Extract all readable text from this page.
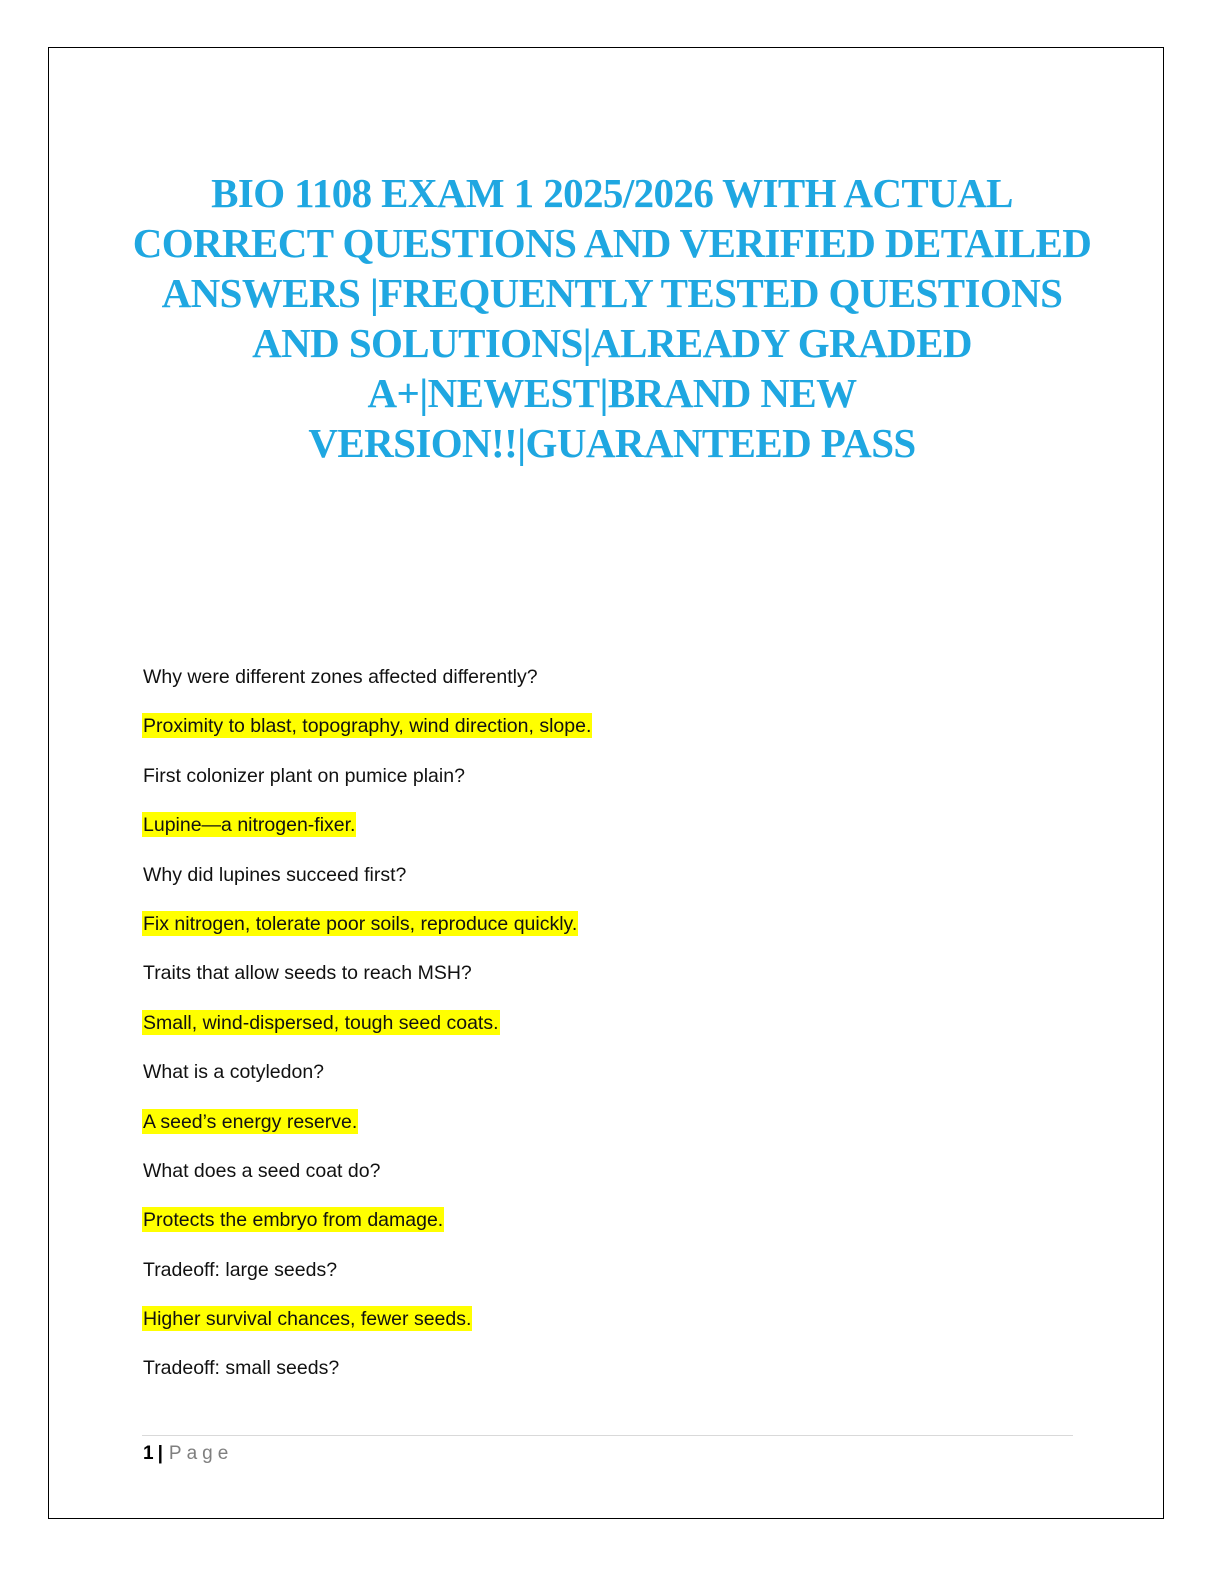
BIO 1108 EXAM 1 2025/2026 WITH ACTUAL CORRECT QUESTIONS AND VERIFIED DETAILED ANSWERS |FREQUENTLY TESTED QUESTIONS AND SOLUTIONS|ALREADY GRADED A+|NEWEST|BRAND NEW VERSION!!|GUARANTEED PASS
Why were different zones affected differently?
Proximity to blast, topography, wind direction, slope.
First colonizer plant on pumice plain?
Lupine—a nitrogen-fixer.
Why did lupines succeed first?
Fix nitrogen, tolerate poor soils, reproduce quickly.
Traits that allow seeds to reach MSH?
Small, wind-dispersed, tough seed coats.
What is a cotyledon?
A seed’s energy reserve.
What does a seed coat do?
Protects the embryo from damage.
Tradeoff: large seeds?
Higher survival chances, fewer seeds.
Tradeoff: small seeds?
1 | Page
